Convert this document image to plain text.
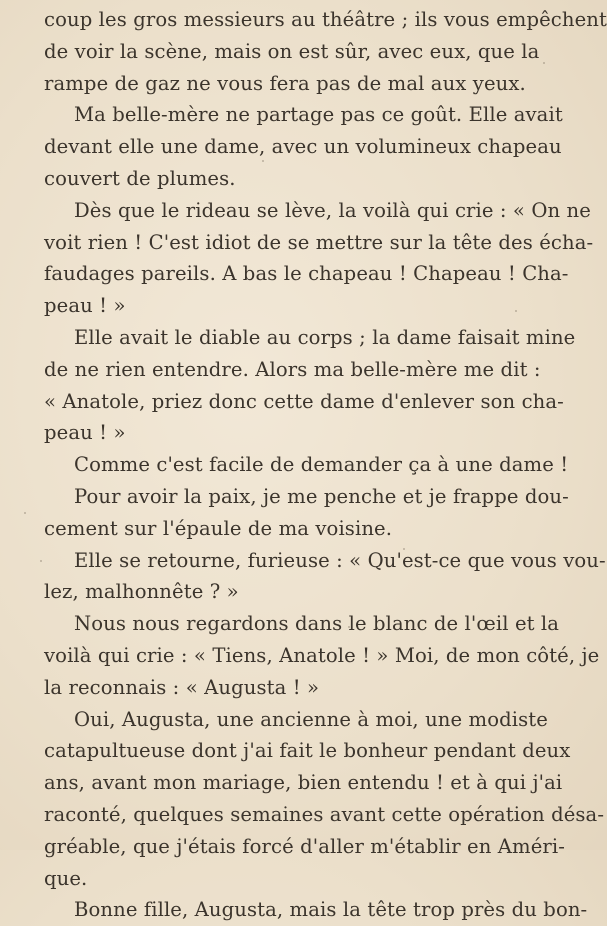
coup les gros messieurs au théâtre ; ils vous empêchent
de voir la scène, mais on est sûr, avec eux, que la
rampe de gaz ne vous fera pas de mal aux yeux.
Ma belle-mère ne partage pas ce goût. Elle avait
devant elle une dame, avec un volumineux chapeau
couvert de plumes.
Dès que le rideau se lève, la voilà qui crie : « On ne
voit rien ! C'est idiot de se mettre sur la tête des écha-
faudages pareils. A bas le chapeau ! Chapeau ! Cha-
peau ! »
Elle avait le diable au corps ; la dame faisait mine
de ne rien entendre. Alors ma belle-mère me dit :
« Anatole, priez donc cette dame d'enlever son cha-
peau ! »
Comme c'est facile de demander ça à une dame !
Pour avoir la paix, je me penche et je frappe dou-
cement sur l'épaule de ma voisine.
Elle se retourne, furieuse : « Qu'est-ce que vous vou-
lez, malhonnête ? »
Nous nous regardons dans le blanc de l'œil et la
voilà qui crie : « Tiens, Anatole ! » Moi, de mon côté, je
la reconnais : « Augusta ! »
Oui, Augusta, une ancienne à moi, une modiste
catapultueuse dont j'ai fait le bonheur pendant deux
ans, avant mon mariage, bien entendu ! et à qui j'ai
raconté, quelques semaines avant cette opération désa-
gréable, que j'étais forcé d'aller m'établir en Améri-
que.
Bonne fille, Augusta, mais la tête trop près du bon-
